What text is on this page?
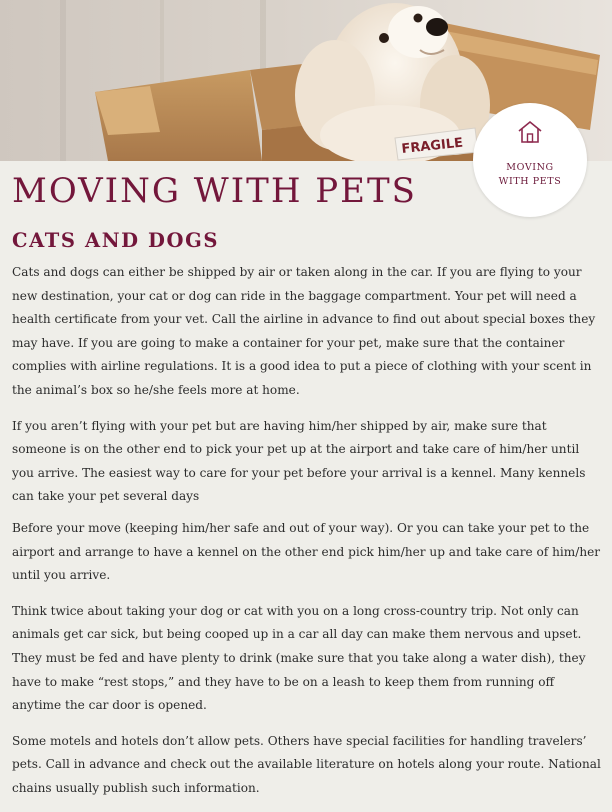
FRAGILE
MOVING
WITH PETS
MOVING WITH PETS
CATS AND DOGS

Cats and dogs can either be shipped by air or taken along in the car. If you are flying to your new destination, your cat or dog can ride in the baggage compartment. Your pet will need a health certificate from your vet. Call the airline in advance to find out about special boxes they may have. If you are going to make a container for your pet, make sure that the container complies with airline regulations. It is a good idea to put a piece of clothing with your scent in the animal’s box so he/she feels more at home.

If you aren’t flying with your pet but are having him/her shipped by air, make sure that someone is on the other end to pick your pet up at the airport and take care of him/her until you arrive. The easiest way to care for your pet before your arrival is a kennel. Many kennels can take your pet several days

Before your move (keeping him/her safe and out of your way). Or you can take your pet to the airport and arrange to have a kennel on the other end pick him/her up and take care of him/her until you arrive.

Think twice about taking your dog or cat with you on a long cross-country trip. Not only can animals get car sick, but being cooped up in a car all day can make them nervous and upset. They must be fed and have plenty to drink (make sure that you take along a water dish), they have to make “rest stops,” and they have to be on a leash to keep them from running off anytime the car door is opened.

Some motels and hotels don’t allow pets. Others have special facilities for handling travelers’ pets. Call in advance and check out the available literature on hotels along your route. National chains usually publish such information.
